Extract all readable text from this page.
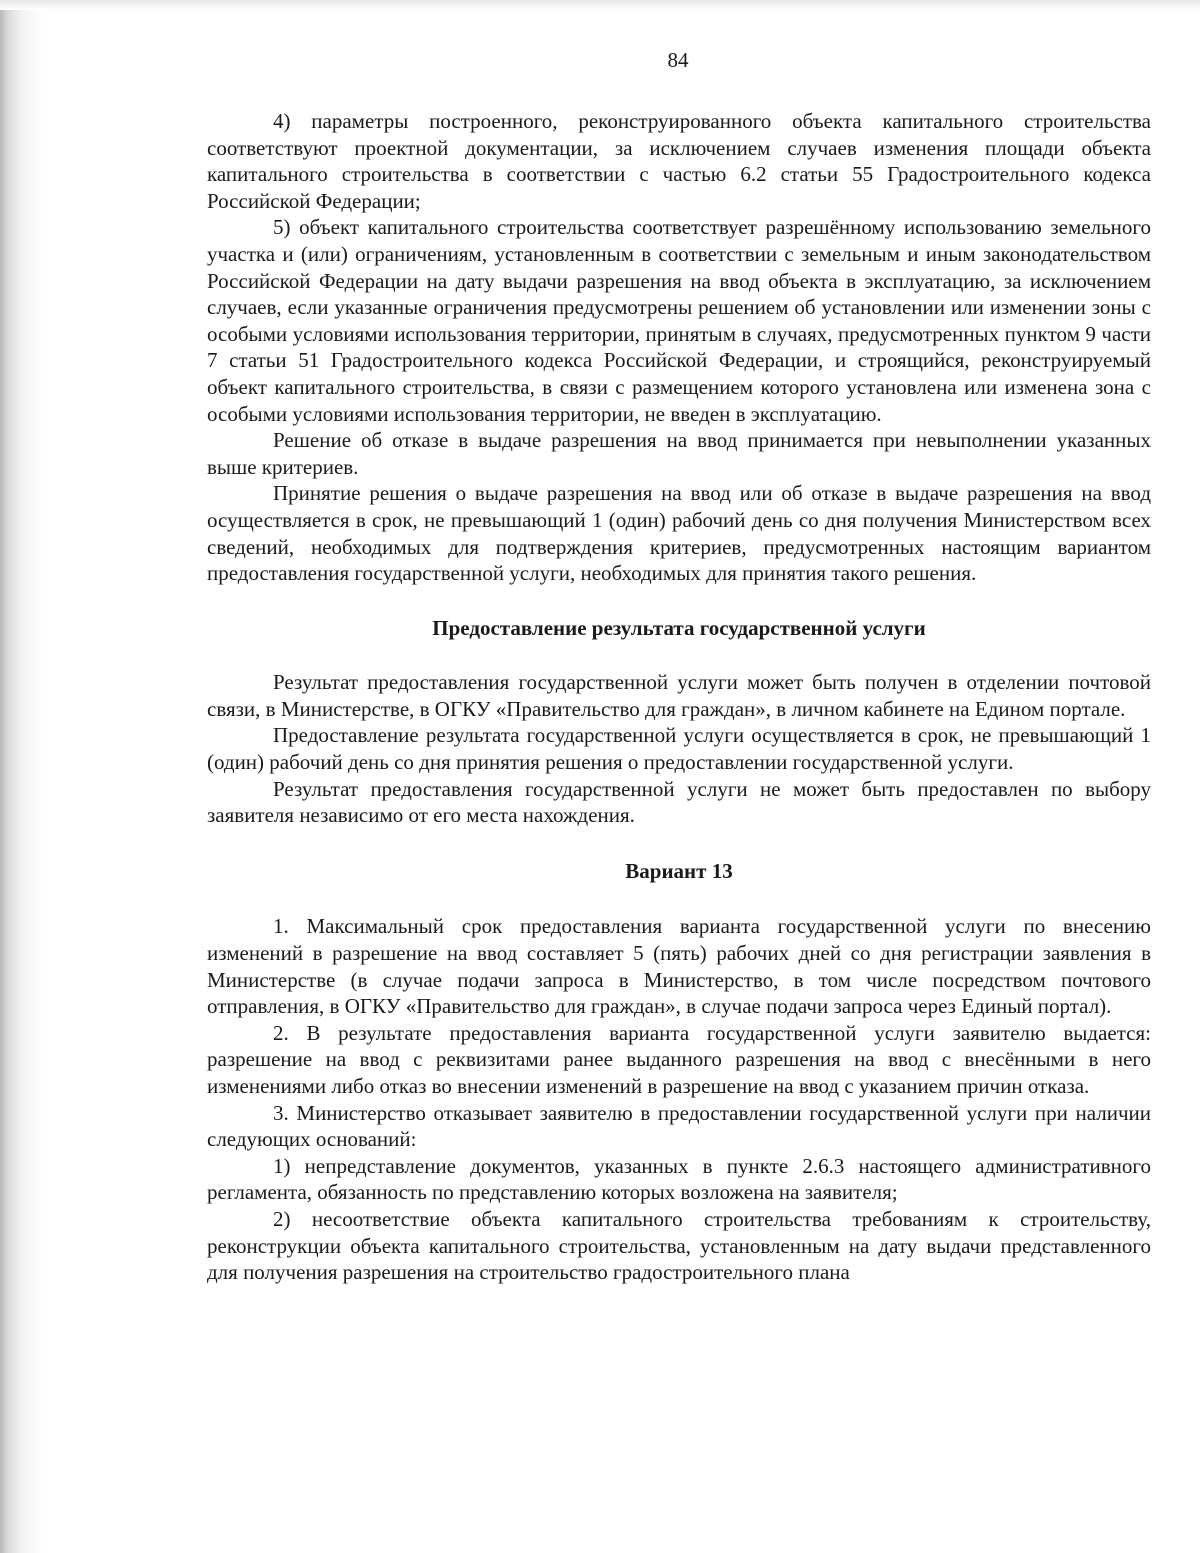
84

4) параметры построенного, реконструированного объекта капитального строительства соответствуют проектной документации, за исключением случаев изменения площади объекта капитального строительства в соответствии с частью 6.2 статьи 55 Градостроительного кодекса Российской Федерации;

5) объект капитального строительства соответствует разрешённому использованию земельного участка и (или) ограничениям, установленным в соответствии с земельным и иным законодательством Российской Федерации на дату выдачи разрешения на ввод объекта в эксплуатацию, за исключением случаев, если указанные ограничения предусмотрены решением об установлении или изменении зоны с особыми условиями использования территории, принятым в случаях, предусмотренных пунктом 9 части 7 статьи 51 Градостроительного кодекса Российской Федерации, и строящийся, реконструируемый объект капитального строительства, в связи с размещением которого установлена или изменена зона с особыми условиями использования территории, не введен в эксплуатацию.

Решение об отказе в выдаче разрешения на ввод принимается при невыполнении указанных выше критериев.

Принятие решения о выдаче разрешения на ввод или об отказе в выдаче разрешения на ввод осуществляется в срок, не превышающий 1 (один) рабочий день со дня получения Министерством всех сведений, необходимых для подтверждения критериев, предусмотренных настоящим вариантом предоставления государственной услуги, необходимых для принятия такого решения.

Предоставление результата государственной услуги

Результат предоставления государственной услуги может быть получен в отделении почтовой связи, в Министерстве, в ОГКУ «Правительство для граждан», в личном кабинете на Едином портале.

Предоставление результата государственной услуги осуществляется в срок, не превышающий 1 (один) рабочий день со дня принятия решения о предоставлении государственной услуги.

Результат предоставления государственной услуги не может быть предоставлен по выбору заявителя независимо от его места нахождения.

Вариант 13

1. Максимальный срок предоставления варианта государственной услуги по внесению изменений в разрешение на ввод составляет 5 (пять) рабочих дней со дня регистрации заявления в Министерстве (в случае подачи запроса в Министерство, в том числе посредством почтового отправления, в ОГКУ «Правительство для граждан», в случае подачи запроса через Единый портал).

2. В результате предоставления варианта государственной услуги заявителю выдается: разрешение на ввод с реквизитами ранее выданного разрешения на ввод с внесёнными в него изменениями либо отказ во внесении изменений в разрешение на ввод с указанием причин отказа.

3. Министерство отказывает заявителю в предоставлении государственной услуги при наличии следующих оснований:

1) непредставление документов, указанных в пункте 2.6.3 настоящего административного регламента, обязанность по представлению которых возложена на заявителя;

2) несоответствие объекта капитального строительства требованиям к строительству, реконструкции объекта капитального строительства, установленным на дату выдачи представленного для получения разрешения на строительство градостроительного плана
